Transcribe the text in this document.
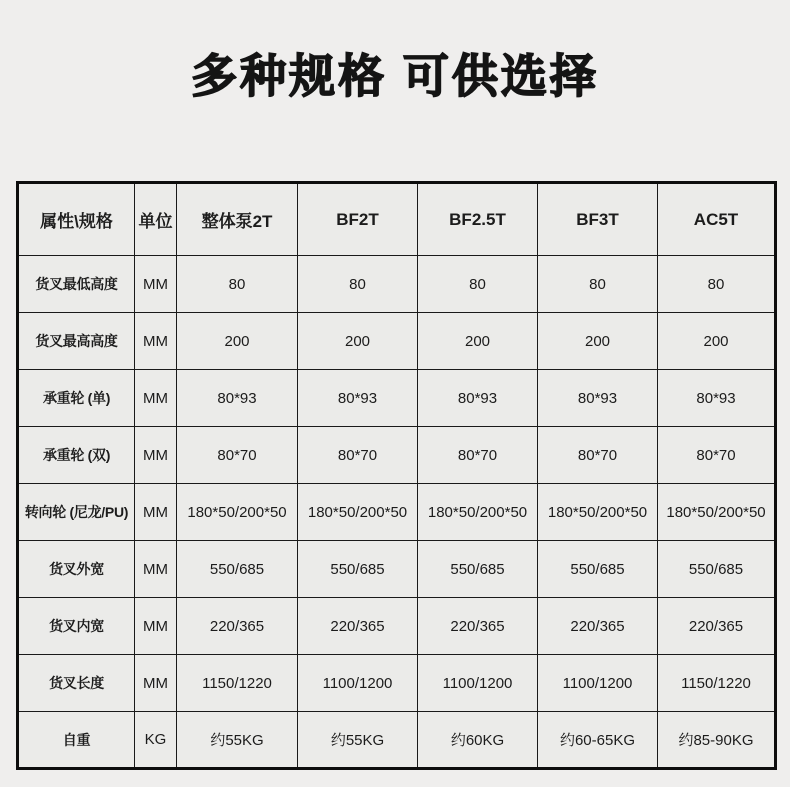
多种规格 可供选择
属性\规格	单位	整体泵2T	BF2T	BF2.5T	BF3T	AC5T
货叉最低高度	MM	80	80	80	80	80
货叉最高高度	MM	200	200	200	200	200
承重轮 (单)	MM	80*93	80*93	80*93	80*93	80*93
承重轮 (双)	MM	80*70	80*70	80*70	80*70	80*70
转向轮 (尼龙/PU)	MM	180*50/200*50	180*50/200*50	180*50/200*50	180*50/200*50	180*50/200*50
货叉外宽	MM	550/685	550/685	550/685	550/685	550/685
货叉内宽	MM	220/365	220/365	220/365	220/365	220/365
货叉长度	MM	1150/1220	1100/1200	1100/1200	1100/1200	1150/1220
自重	KG	约55KG	约55KG	约60KG	约60-65KG	约85-90KG
